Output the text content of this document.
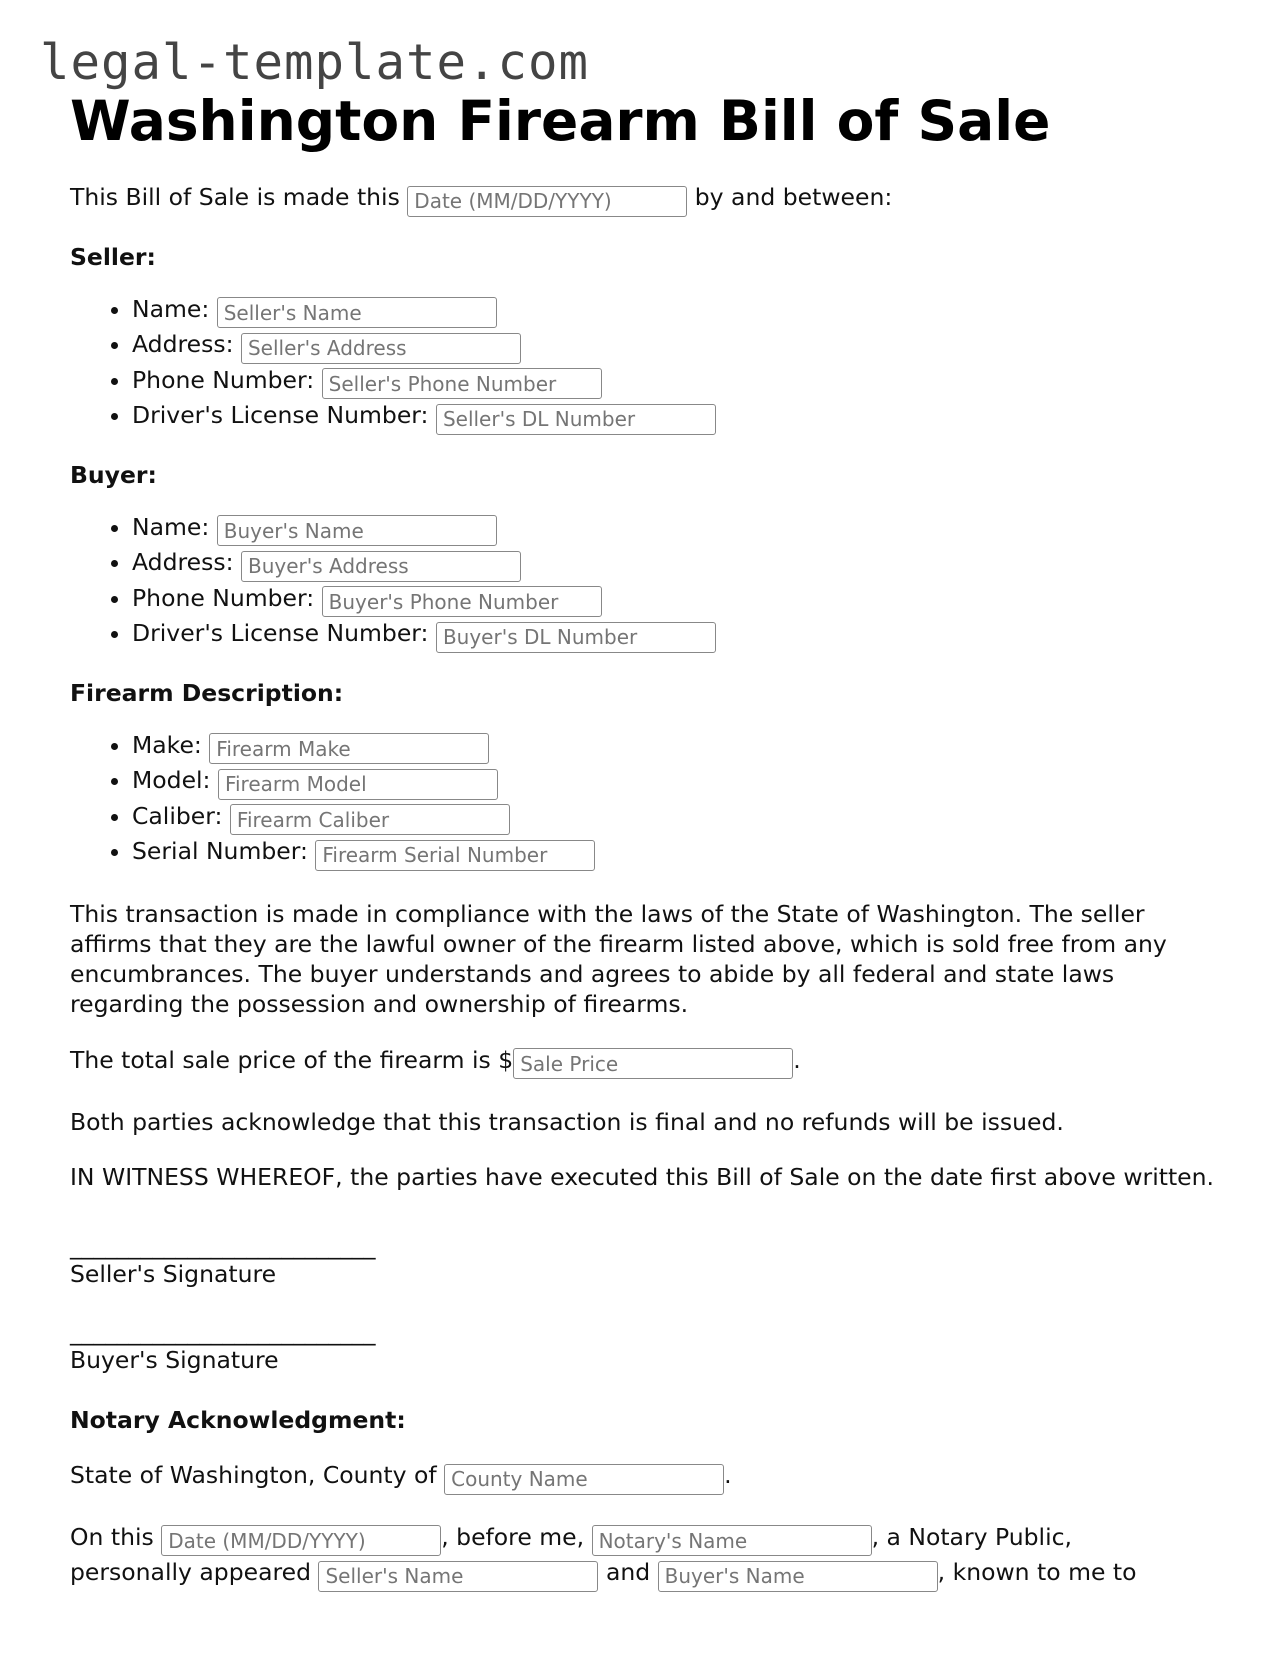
legal-template.com
Washington Firearm Bill of Sale

This Bill of Sale is made this Date (MM/DD/YYYY)	by and between:

Seller:
• Name: Seller's Name
• Address: Seller's Address
• Phone Number: Seller's Phone Number
• Driver's License Number: Seller's DL Number
Buyer:
• Name: Buyer's Name
• Address: Buyer's Address
• Phone Number: Buyer's Phone Number
• Driver's License Number: Buyer's DL Number
Firearm Description:
• Make: Firearm Make
• Model: Firearm Model
• Caliber: Firearm Caliber
• Serial Number: Firearm Serial Number

This transaction is made in compliance with the laws of the State of Washington. The seller affirms that they are the lawful owner of the firearm listed above, which is sold free from any encumbrances. The buyer understands and agrees to abide by all federal and state laws regarding the possession and ownership of firearms.

The total sale price of the firearm is $Sale Price	.

Both parties acknowledge that this transaction is final and no refunds will be issued.

IN WITNESS WHEREOF, the parties have executed this Bill of Sale on the date first above written.

__________________________
Seller's Signature

__________________________
Buyer's Signature

Notary Acknowledgment:

State of Washington, County of County Name	.

On this Date (MM/DD/YYYY)	, before me, Notary's Name	, a Notary Public,
personally appeared Seller's Name	and Buyer's Name	, known to me to
